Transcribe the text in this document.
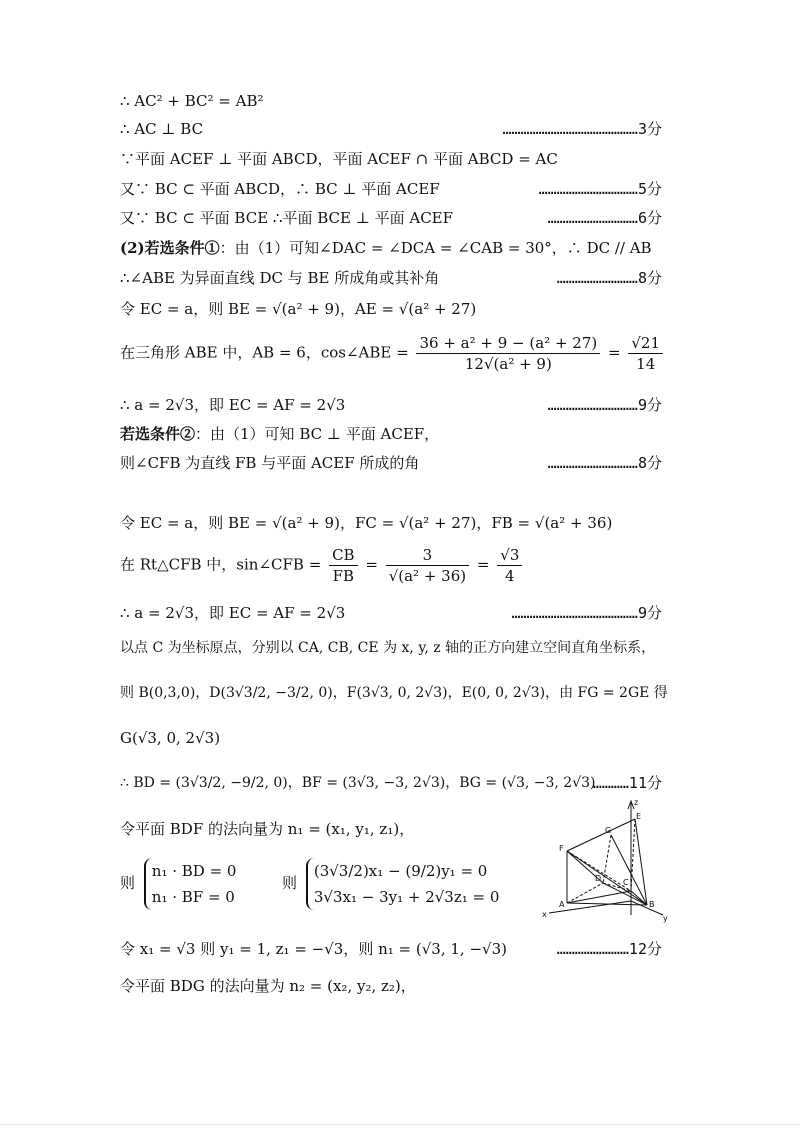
∴ AC² + BC² = AB²
∴ AC ⊥ BC	………………………………………3分
∵平面 ACEF ⊥ 平面 ABCD，平面 ACEF ∩ 平面 ABCD = AC
又∵ BC ⊂ 平面 ABCD，∴ BC ⊥ 平面 ACEF	……………………………5分
又∵ BC ⊂ 平面 BCE ∴平面 BCE ⊥ 平面 ACEF	…………………………6分
(2)若选条件①：由（1）可知∠DAC = ∠DCA = ∠CAB = 30°，∴ DC // AB
∴∠ABE 为异面直线 DC 与 BE 所成角或其补角	………………………8分
令 EC = a，则 BE = √(a² + 9)，AE = √(a² + 27)
在三角形 ABE 中，AB = 6，cos∠ABE = $\frac{\text{36 + a² + 9 − (a² + 27)}}{\text{12√(a² + 9)}} = \frac{√21}{14}$
∴ a = 2√3，即 EC = AF = 2√3	…………………………9分
若选条件②：由（1）可知 BC ⊥ 平面 ACEF，
则∠CFB 为直线 FB 与平面 ACEF 所成的角	…………………………8分
令 EC = a，则 BE = √(a² + 9)，FC = √(a² + 27)，FB = √(a² + 36)
在 Rt△CFB 中，sin∠CFB = $\frac{CB}{FB} = \frac{3}{\text{√(a² + 36)}} = \frac{√3}{4}$
∴ a = 2√3，即 EC = AF = 2√3	……………………………………9分
以点 C 为坐标原点，分别以 CA, CB, CE 为 x, y, z 轴的正方向建立空间直角坐标系，
则 B(0,3,0)，D(3√3/2, −3/2, 0)，F(3√3, 0, 2√3)，E(0, 0, 2√3)，由 FG = 2GE 得
G(√3, 0, 2√3)
∴ BD = (3√3/2, −9/2, 0)，BF = (3√3, −3, 2√3)，BG = (√3, −3, 2√3)
…………11分
令平面 BDF 的法向量为 n₁ = (x₁, y₁, z₁)，
则
n₁ · BD = 0
n₁ · BF = 0
则
(3√3/2)x₁ − (9/2)y₁ = 0
3√3x₁ − 3y₁ + 2√3z₁ = 0
令 x₁ = √3 则 y₁ = 1, z₁ = −√3，则 n₁ = (√3, 1, −√3)	……………………12分
令平面 BDG 的法向量为 n₂ = (x₂, y₂, z₂)，
z
E
G
F
D	C
A	B
x	y
